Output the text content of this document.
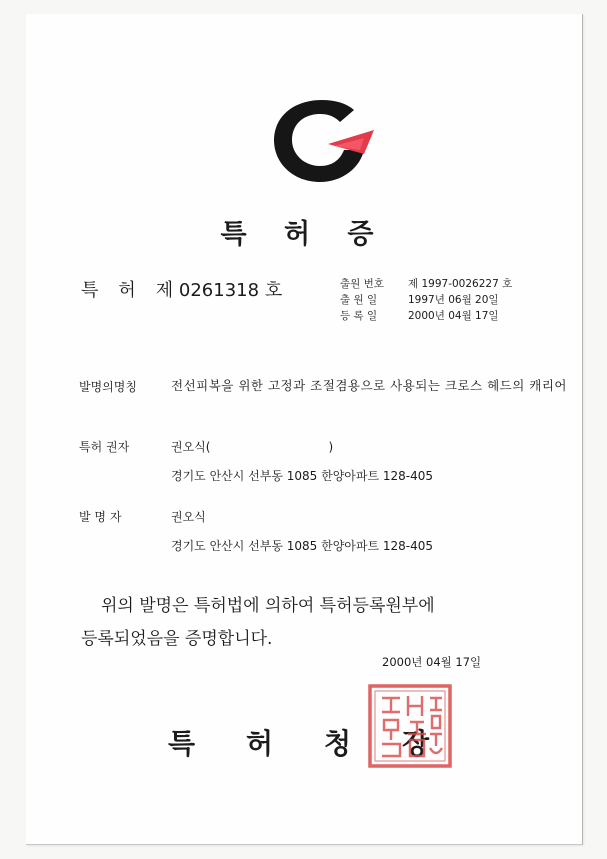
특 허 증
특 허 제 0261318 호	출원 번호 제 1997-0026227 호
출 원 일	1997년 06월 20일
등 록 일	2000년 04월 17일
발명의명칭	전선피복을 위한 고정과 조절겸용으로 사용되는 크로스 헤드의 캐리어
특허 권자	권오식(	)
경기도 안산시 선부동 1085 한양아파트 128-405
발 명 자	권오식
경기도 안산시 선부동 1085 한양아파트 128-405
위의 발명은 특허법에 의하여 특허등록원부에
등록되었음을 증명합니다.
2000년 04월 17일
특 허 청 장
